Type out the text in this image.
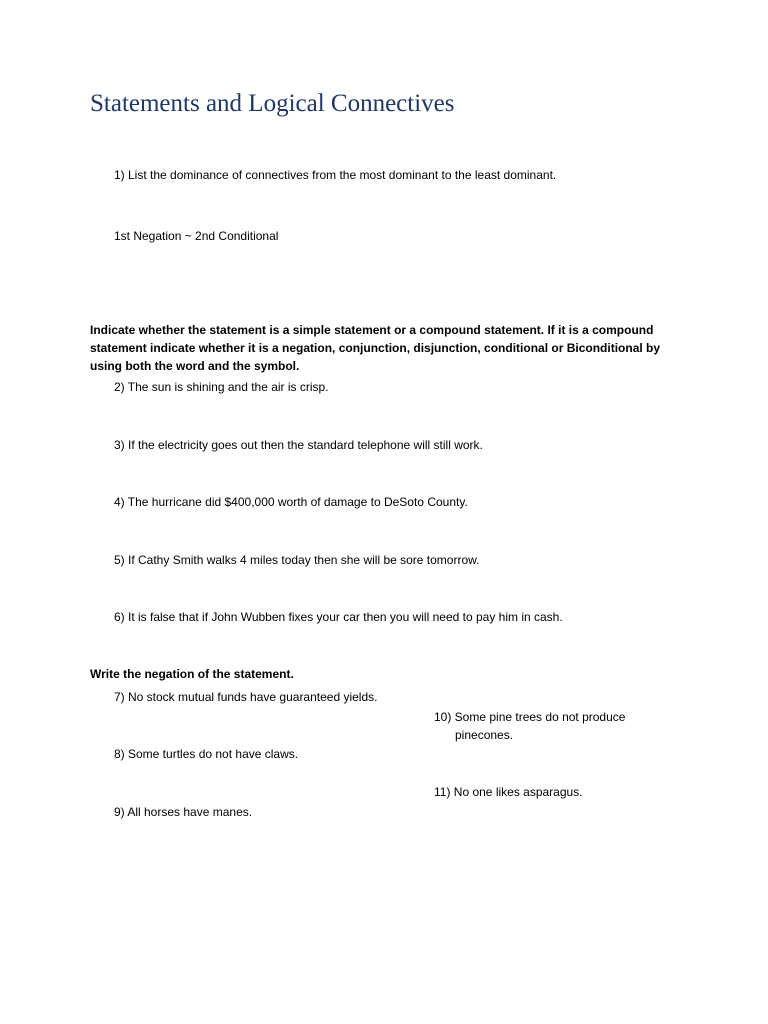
Statements and Logical Connectives
1) List the dominance of connectives from the most dominant to the least dominant.
1st Negation ~ 2nd Conditional
Indicate whether the statement is a simple statement or a compound statement. If it is a compound statement indicate whether it is a negation, conjunction, disjunction, conditional or Biconditional by using both the word and the symbol.
2) The sun is shining and the air is crisp.
3) If the electricity goes out then the standard telephone will still work.
4) The hurricane did $400,000 worth of damage to DeSoto County.
5) If Cathy Smith walks 4 miles today then she will be sore tomorrow.
6) It is false that if John Wubben fixes your car then you will need to pay him in cash.
Write the negation of the statement.
7) No stock mutual funds have guaranteed yields.
8) Some turtles do not have claws.
9) All horses have manes.
10) Some pine trees do not produce
pinecones.
11) No one likes asparagus.
